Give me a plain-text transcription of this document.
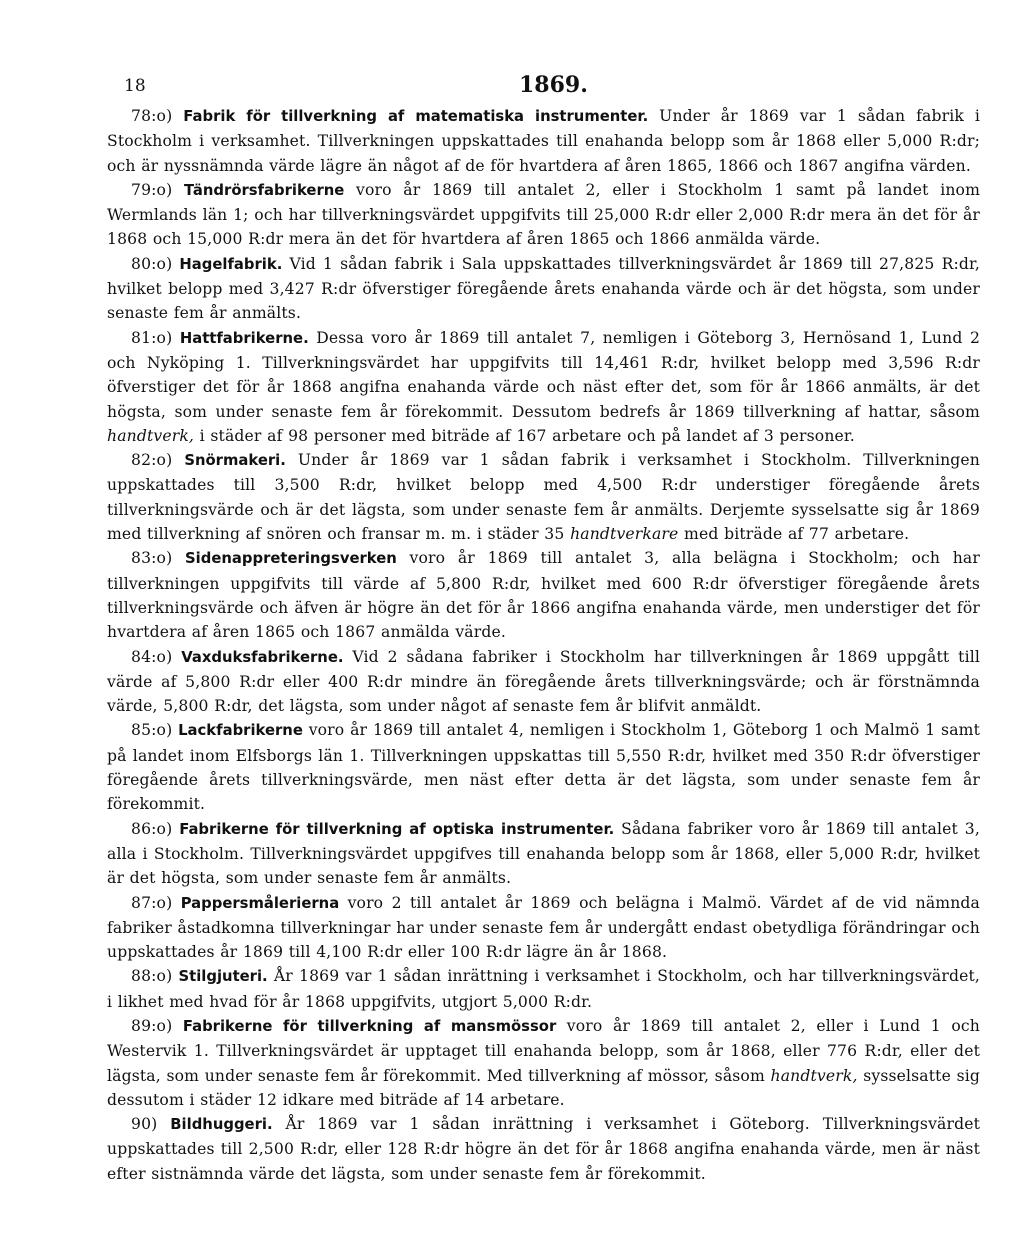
18	1869.

78:o) Fabrik för tillverkning af matematiska instrumenter. Under år 1869 var 1 sådan fabrik i Stockholm i verksamhet. Tillverkningen uppskattades till enahanda belopp som år 1868 eller 5,000 R:dr; och är nyssnämnda värde lägre än något af de för hvartdera af åren 1865, 1866 och 1867 angifna värden.

79:o) Tändrörsfabrikerne voro år 1869 till antalet 2, eller i Stockholm 1 samt på landet inom Wermlands län 1; och har tillverkningsvärdet uppgifvits till 25,000 R:dr eller 2,000 R:dr mera än det för år 1868 och 15,000 R:dr mera än det för hvartdera af åren 1865 och 1866 anmälda värde.

80:o) Hagelfabrik. Vid 1 sådan fabrik i Sala uppskattades tillverkningsvärdet år 1869 till 27,825 R:dr, hvilket belopp med 3,427 R:dr öfverstiger föregående årets enahanda värde och är det högsta, som under senaste fem år anmälts.

81:o) Hattfabrikerne. Dessa voro år 1869 till antalet 7, nemligen i Göteborg 3, Hernösand 1, Lund 2 och Nyköping 1. Tillverkningsvärdet har uppgifvits till 14,461 R:dr, hvilket belopp med 3,596 R:dr öfverstiger det för år 1868 angifna enahanda värde och näst efter det, som för år 1866 anmälts, är det högsta, som under senaste fem år förekommit. Dessutom bedrefs år 1869 tillverkning af hattar, såsom handtverk, i städer af 98 personer med biträde af 167 arbetare och på landet af 3 personer.

82:o) Snörmakeri. Under år 1869 var 1 sådan fabrik i verksamhet i Stockholm. Tillverkningen uppskattades till 3,500 R:dr, hvilket belopp med 4,500 R:dr understiger föregående årets tillverkningsvärde och är det lägsta, som under senaste fem år anmälts. Derjemte sysselsatte sig år 1869 med tillverkning af snören och fransar m. m. i städer 35 handtverkare med biträde af 77 arbetare.

83:o) Sidenappreteringsverken voro år 1869 till antalet 3, alla belägna i Stockholm; och har tillverkningen uppgifvits till värde af 5,800 R:dr, hvilket med 600 R:dr öfverstiger föregående årets tillverkningsvärde och äfven är högre än det för år 1866 angifna enahanda värde, men understiger det för hvartdera af åren 1865 och 1867 anmälda värde.

84:o) Vaxduksfabrikerne. Vid 2 sådana fabriker i Stockholm har tillverkningen år 1869 uppgått till värde af 5,800 R:dr eller 400 R:dr mindre än föregående årets tillverkningsvärde; och är förstnämnda värde, 5,800 R:dr, det lägsta, som under något af senaste fem år blifvit anmäldt.

85:o) Lackfabrikerne voro år 1869 till antalet 4, nemligen i Stockholm 1, Göteborg 1 och Malmö 1 samt på landet inom Elfsborgs län 1. Tillverkningen uppskattas till 5,550 R:dr, hvilket med 350 R:dr öfverstiger föregående årets tillverkningsvärde, men näst efter detta är det lägsta, som under senaste fem år förekommit.

86:o) Fabrikerne för tillverkning af optiska instrumenter. Sådana fabriker voro år 1869 till antalet 3, alla i Stockholm. Tillverkningsvärdet uppgifves till enahanda belopp som år 1868, eller 5,000 R:dr, hvilket är det högsta, som under senaste fem år anmälts.

87:o) Pappersmålerierna voro 2 till antalet år 1869 och belägna i Malmö. Värdet af de vid nämnda fabriker åstadkomna tillverkningar har under senaste fem år undergått endast obetydliga förändringar och uppskattades år 1869 till 4,100 R:dr eller 100 R:dr lägre än år 1868.

88:o) Stilgjuteri. År 1869 var 1 sådan inrättning i verksamhet i Stockholm, och har tillverkningsvärdet, i likhet med hvad för år 1868 uppgifvits, utgjort 5,000 R:dr.

89:o) Fabrikerne för tillverkning af mansmössor voro år 1869 till antalet 2, eller i Lund 1 och Westervik 1. Tillverkningsvärdet är upptaget till enahanda belopp, som år 1868, eller 776 R:dr, eller det lägsta, som under senaste fem år förekommit. Med tillverkning af mössor, såsom handtverk, sysselsatte sig dessutom i städer 12 idkare med biträde af 14 arbetare.

90) Bildhuggeri. År 1869 var 1 sådan inrättning i verksamhet i Göteborg. Tillverkningsvärdet uppskattades till 2,500 R:dr, eller 128 R:dr högre än det för år 1868 angifna enahanda värde, men är näst efter sistnämnda värde det lägsta, som under senaste fem år förekommit.
